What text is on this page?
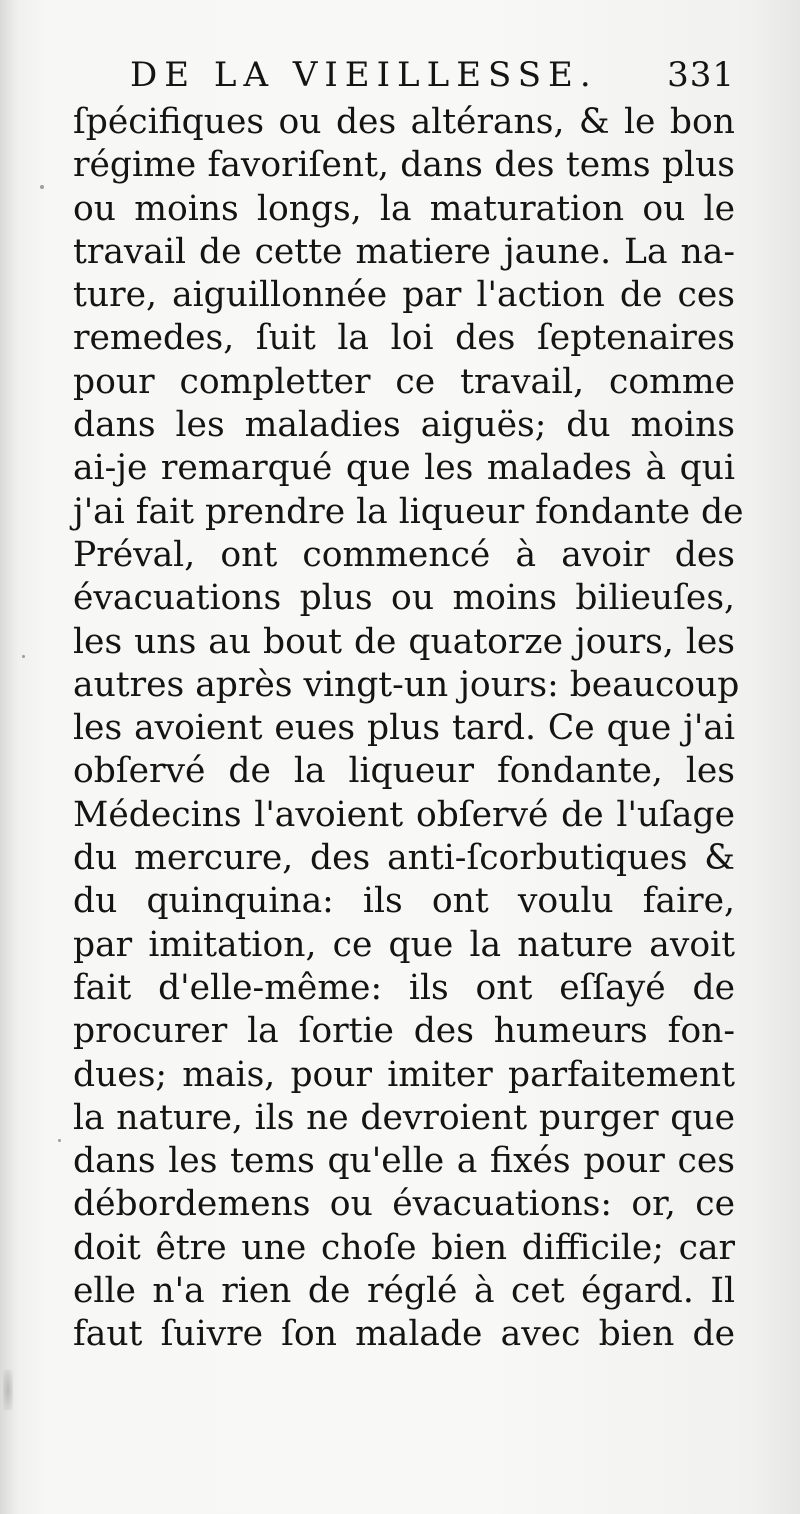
DE LA VIEILLESSE. 331
ſpécifiques ou des altérans, & le bon
régime favoriſent, dans des tems plus
ou moins longs, la maturation ou le
travail de cette matiere jaune. La na-
ture, aiguillonnée par l'action de ces
remedes, ſuit la loi des ſeptenaires
pour completter ce travail, comme
dans les maladies aiguës; du moins
ai-je remarqué que les malades à qui
j'ai fait prendre la liqueur fondante de
Préval, ont commencé à avoir des
évacuations plus ou moins bilieuſes,
les uns au bout de quatorze jours, les
autres après vingt-un jours: beaucoup
les avoient eues plus tard. Ce que j'ai
obſervé de la liqueur fondante, les
Médecins l'avoient obſervé de l'uſage
du mercure, des anti-ſcorbutiques &
du quinquina: ils ont voulu faire,
par imitation, ce que la nature avoit
fait d'elle-même: ils ont eſſayé de
procurer la ſortie des humeurs fon-
dues; mais, pour imiter parfaitement
la nature, ils ne devroient purger que
dans les tems qu'elle a fixés pour ces
débordemens ou évacuations: or, ce
doit être une choſe bien difficile; car
elle n'a rien de réglé à cet égard. Il
faut ſuivre ſon malade avec bien de
